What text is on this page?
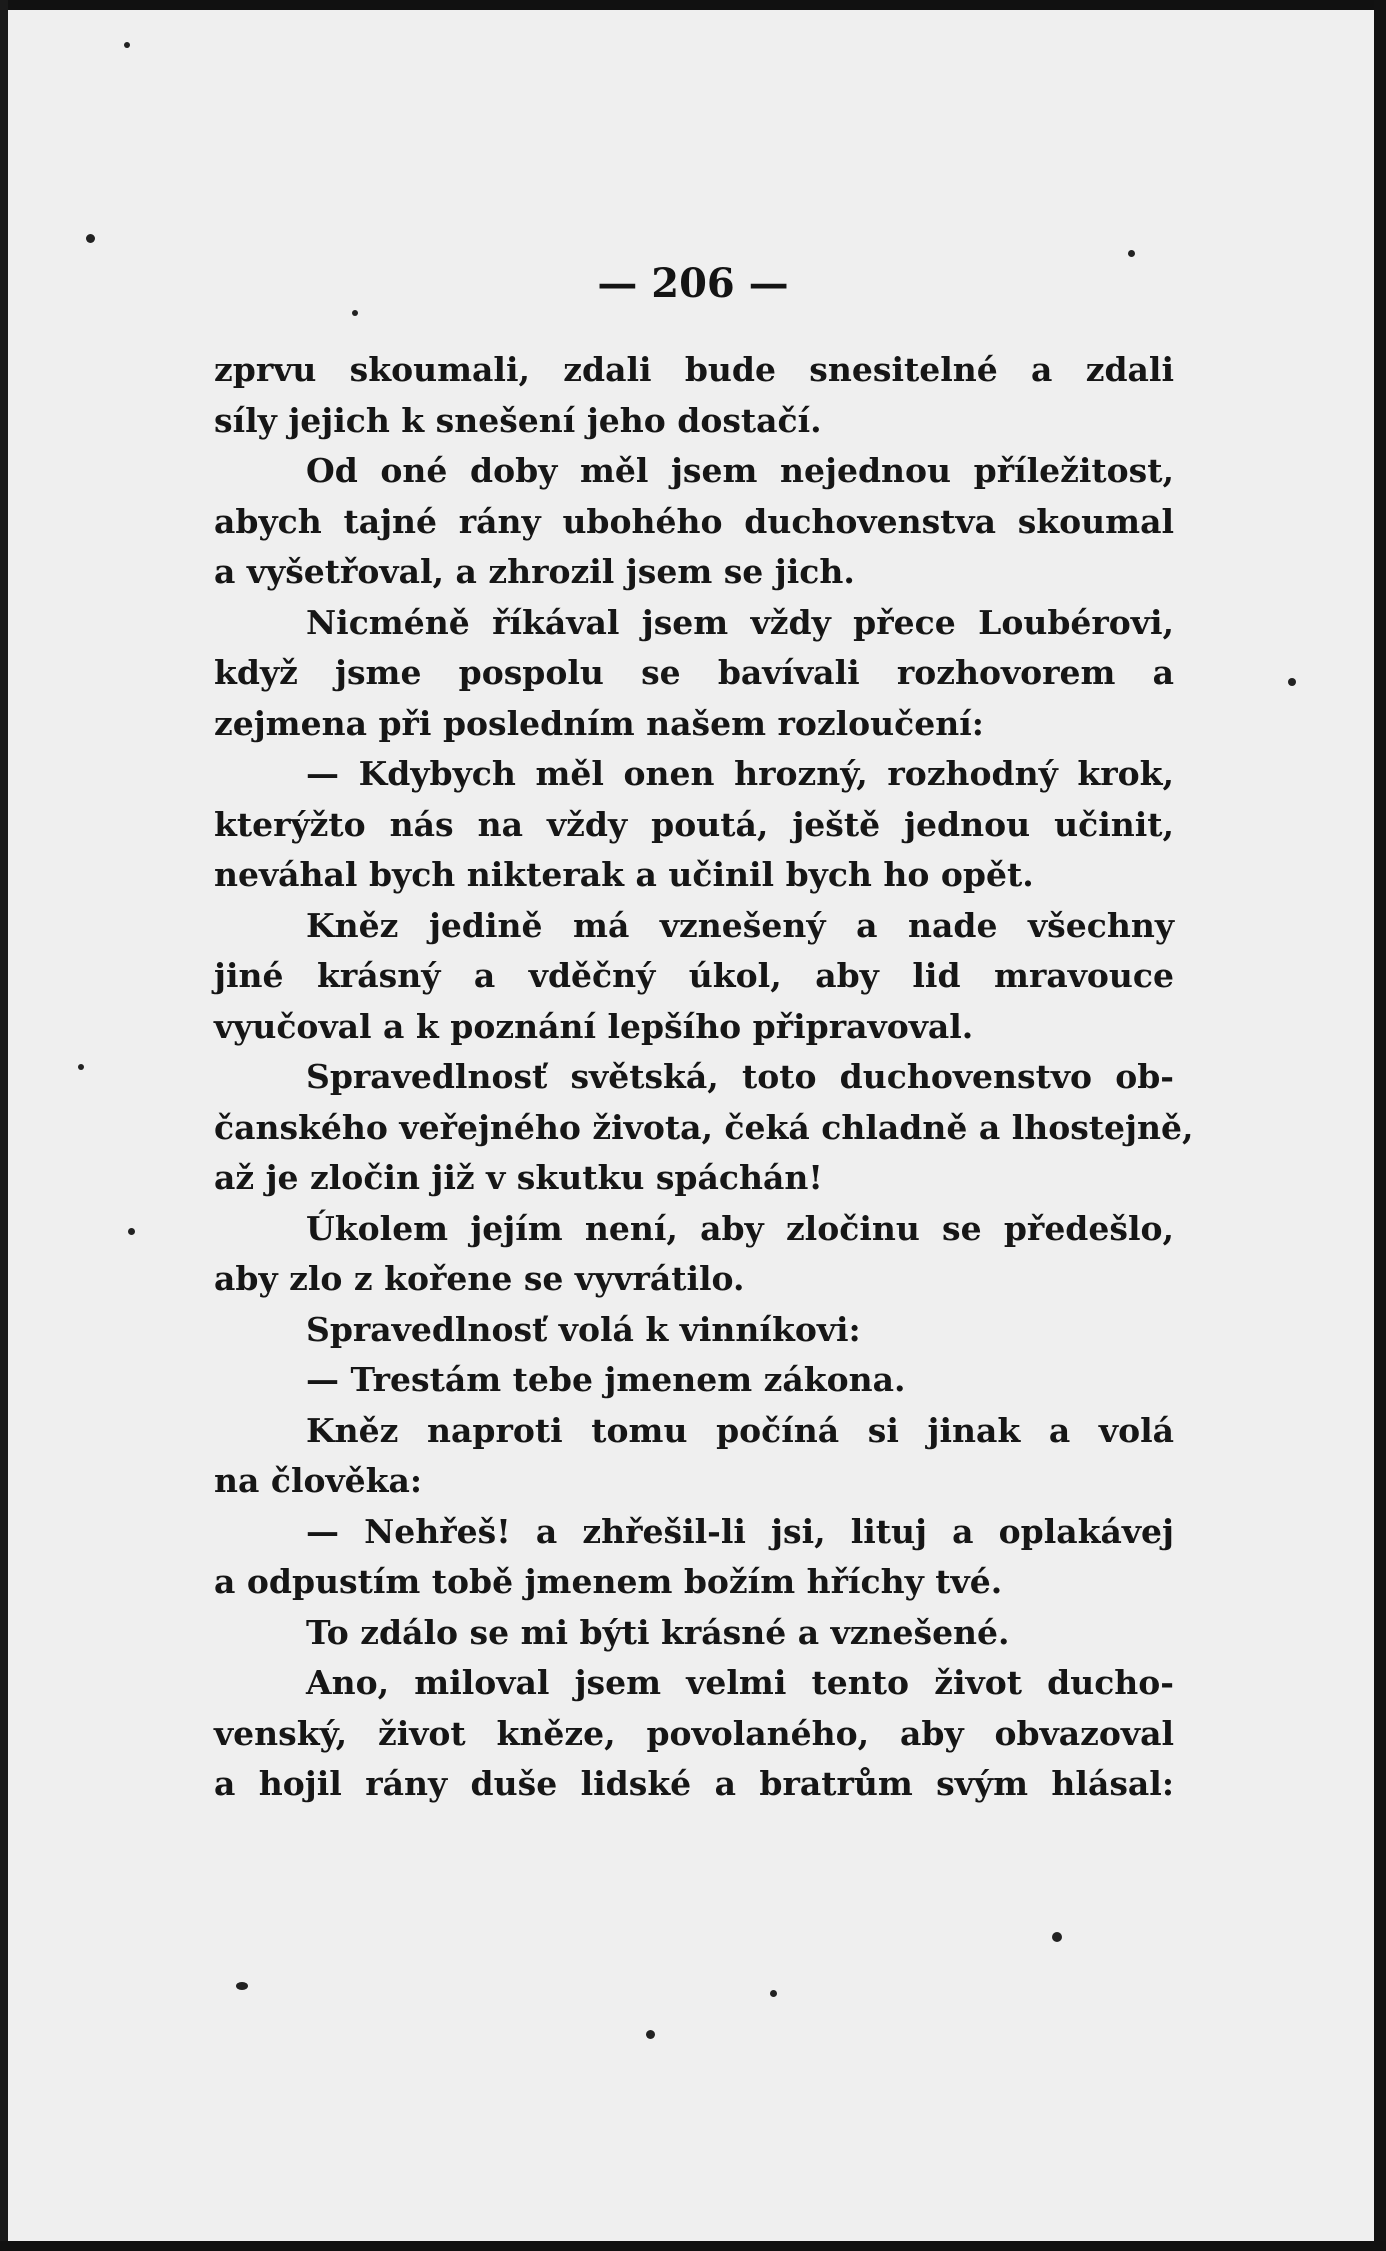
— 206 —
zprvu skoumali, zdali bude snesitelné a zdali
síly jejich k snešení jeho dostačí.
Od oné doby měl jsem nejednou příležitost,
abych tajné rány ubohého duchovenstva skoumal
a vyšetřoval, a zhrozil jsem se jich.
Nicméně říkával jsem vždy přece Loubérovi,
když jsme pospolu se bavívali rozhovorem a
zejmena při posledním našem rozloučení:
— Kdybych měl onen hrozný, rozhodný krok,
kterýžto nás na vždy poutá, ještě jednou učinit,
neváhal bych nikterak a učinil bych ho opět.
Kněz jedině má vznešený a nade všechny
jiné krásný a vděčný úkol, aby lid mravouce
vyučoval a k poznání lepšího připravoval.
Spravedlnosť světská, toto duchovenstvo ob-
čanského veřejného života, čeká chladně a lhostejně,
až je zločin již v skutku spáchán!
Úkolem jejím není, aby zločinu se předešlo,
aby zlo z kořene se vyvrátilo.
Spravedlnosť volá k vinníkovi:
— Trestám tebe jmenem zákona.
Kněz naproti tomu počíná si jinak a volá
na člověka:
— Nehřeš! a zhřešil-li jsi, lituj a oplakávej
a odpustím tobě jmenem božím hříchy tvé.
To zdálo se mi býti krásné a vznešené.
Ano, miloval jsem velmi tento život ducho-
venský, život kněze, povolaného, aby obvazoval
a hojil rány duše lidské a bratrům svým hlásal:
